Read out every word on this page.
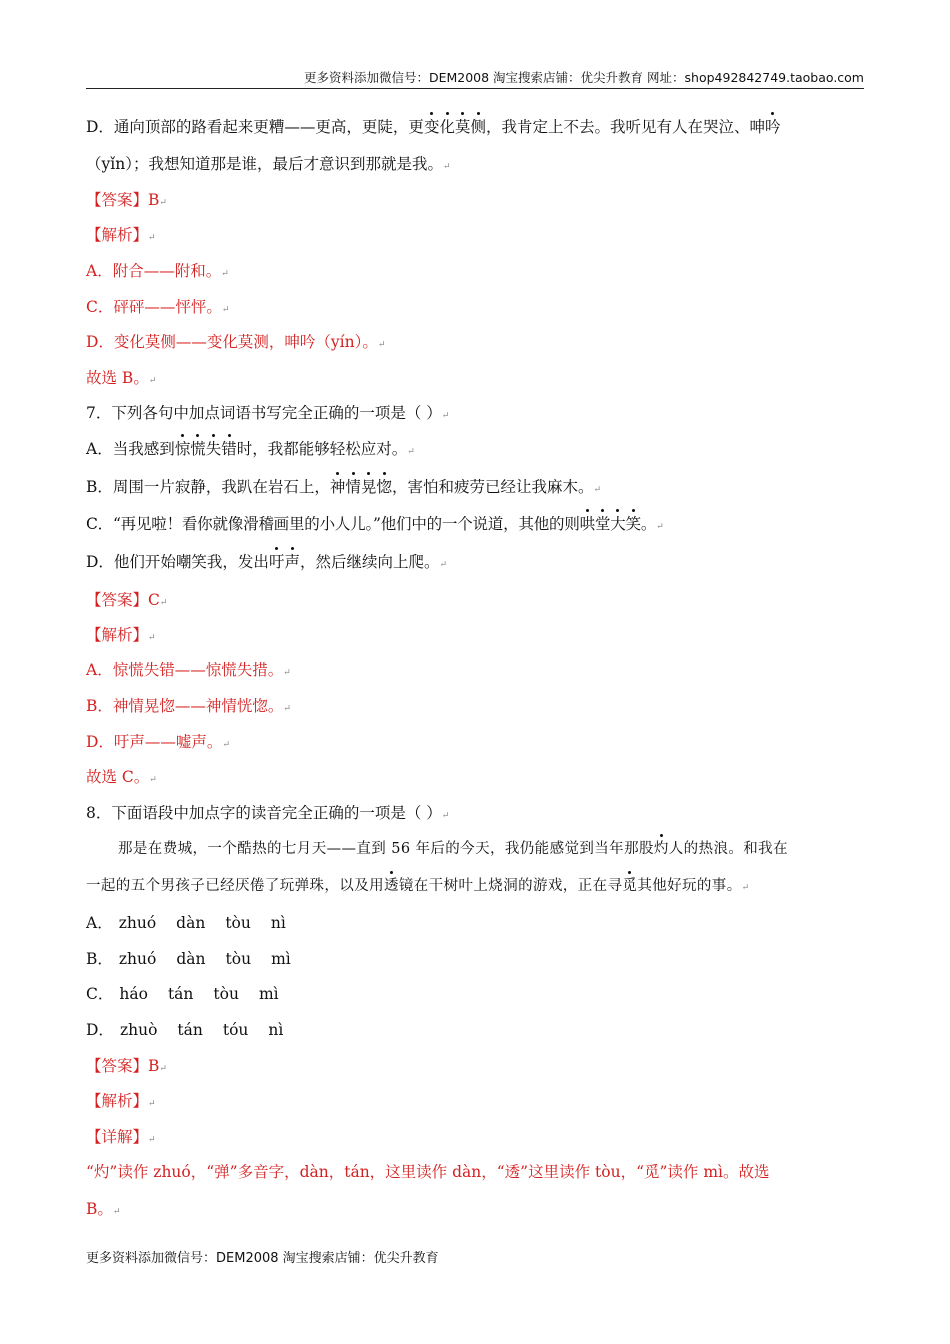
更多资料添加微信号：DEM2008 淘宝搜索店铺：优尖升教育 网址：shop492842749.taobao.com
D．通向顶部的路看起来更糟——更高，更陡，更变化莫侧，我肯定上不去。我听见有人在哭泣、呻吟
（yǐn）；我想知道那是谁，最后才意识到那就是我。↵
【答案】B↵
【解析】↵
A．附合——附和。↵
C．砰砰——怦怦。↵
D．变化莫侧——变化莫测，呻吟（yín）。↵
故选 B。↵
7．下列各句中加点词语书写完全正确的一项是（ ）↵
A．当我感到惊慌失错时，我都能够轻松应对。↵
B．周围一片寂静，我趴在岩石上，神情晃惚，害怕和疲劳已经让我麻木。↵
C．“再见啦！看你就像滑稽画里的小人儿。”他们中的一个说道，其他的则哄堂大笑。↵
D．他们开始嘲笑我，发出吁声，然后继续向上爬。↵
【答案】C↵
【解析】↵
A．惊慌失错——惊慌失措。↵
B．神情晃惚——神情恍惚。↵
D．吁声——嘘声。↵
故选 C。↵
8．下面语段中加点字的读音完全正确的一项是（ ）↵
那是在费城，一个酷热的七月天——直到 56 年后的今天，我仍能感觉到当年那股灼人的热浪。和我在
一起的五个男孩子已经厌倦了玩弹珠，以及用透镜在干树叶上烧洞的游戏，正在寻觅其他好玩的事。↵
A． zhuó dàn tòu nì
B． zhuó dàn tòu mì
C． háo tán tòu mì
D． zhuò tán tóu nì
【答案】B↵
【解析】↵
【详解】↵
“灼”读作 zhuó，“弹”多音字，dàn，tán，这里读作 dàn，“透”这里读作 tòu，“觅”读作 mì。故选
B。↵
更多资料添加微信号：DEM2008 淘宝搜索店铺：优尖升教育
